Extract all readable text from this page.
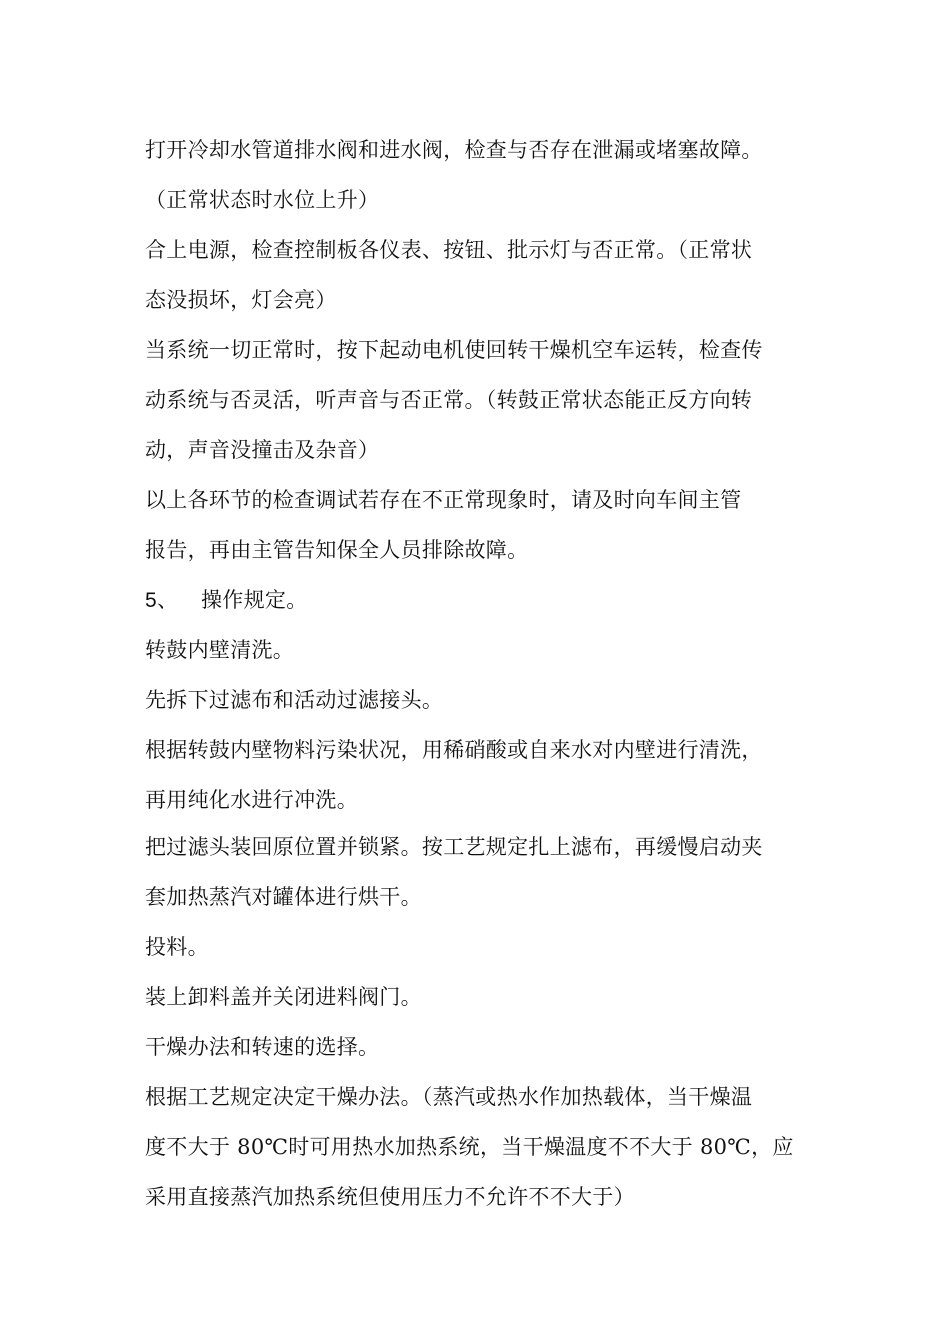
打开冷却水管道排水阀和进水阀，检查与否存在泄漏或堵塞故障。
（正常状态时水位上升）
合上电源，检查控制板各仪表、按钮、批示灯与否正常。（正常状
态没损坏，灯会亮）
当系统一切正常时，按下起动电机使回转干燥机空车运转，检查传
动系统与否灵活，听声音与否正常。（转鼓正常状态能正反方向转
动，声音没撞击及杂音）
以上各环节的检查调试若存在不正常现象时，请及时向车间主管
报告，再由主管告知保全人员排除故障。
5、 操作规定。
转鼓内壁清洗。
先拆下过滤布和活动过滤接头。
根据转鼓内壁物料污染状况，用稀硝酸或自来水对内壁进行清洗，
再用纯化水进行冲洗。
把过滤头装回原位置并锁紧。按工艺规定扎上滤布，再缓慢启动夹
套加热蒸汽对罐体进行烘干。
投料。
装上卸料盖并关闭进料阀门。
干燥办法和转速的选择。
根据工艺规定决定干燥办法。（蒸汽或热水作加热载体，当干燥温
度不大于 80℃时可用热水加热系统，当干燥温度不不大于 80℃，应
采用直接蒸汽加热系统但使用压力不允许不不大于）
